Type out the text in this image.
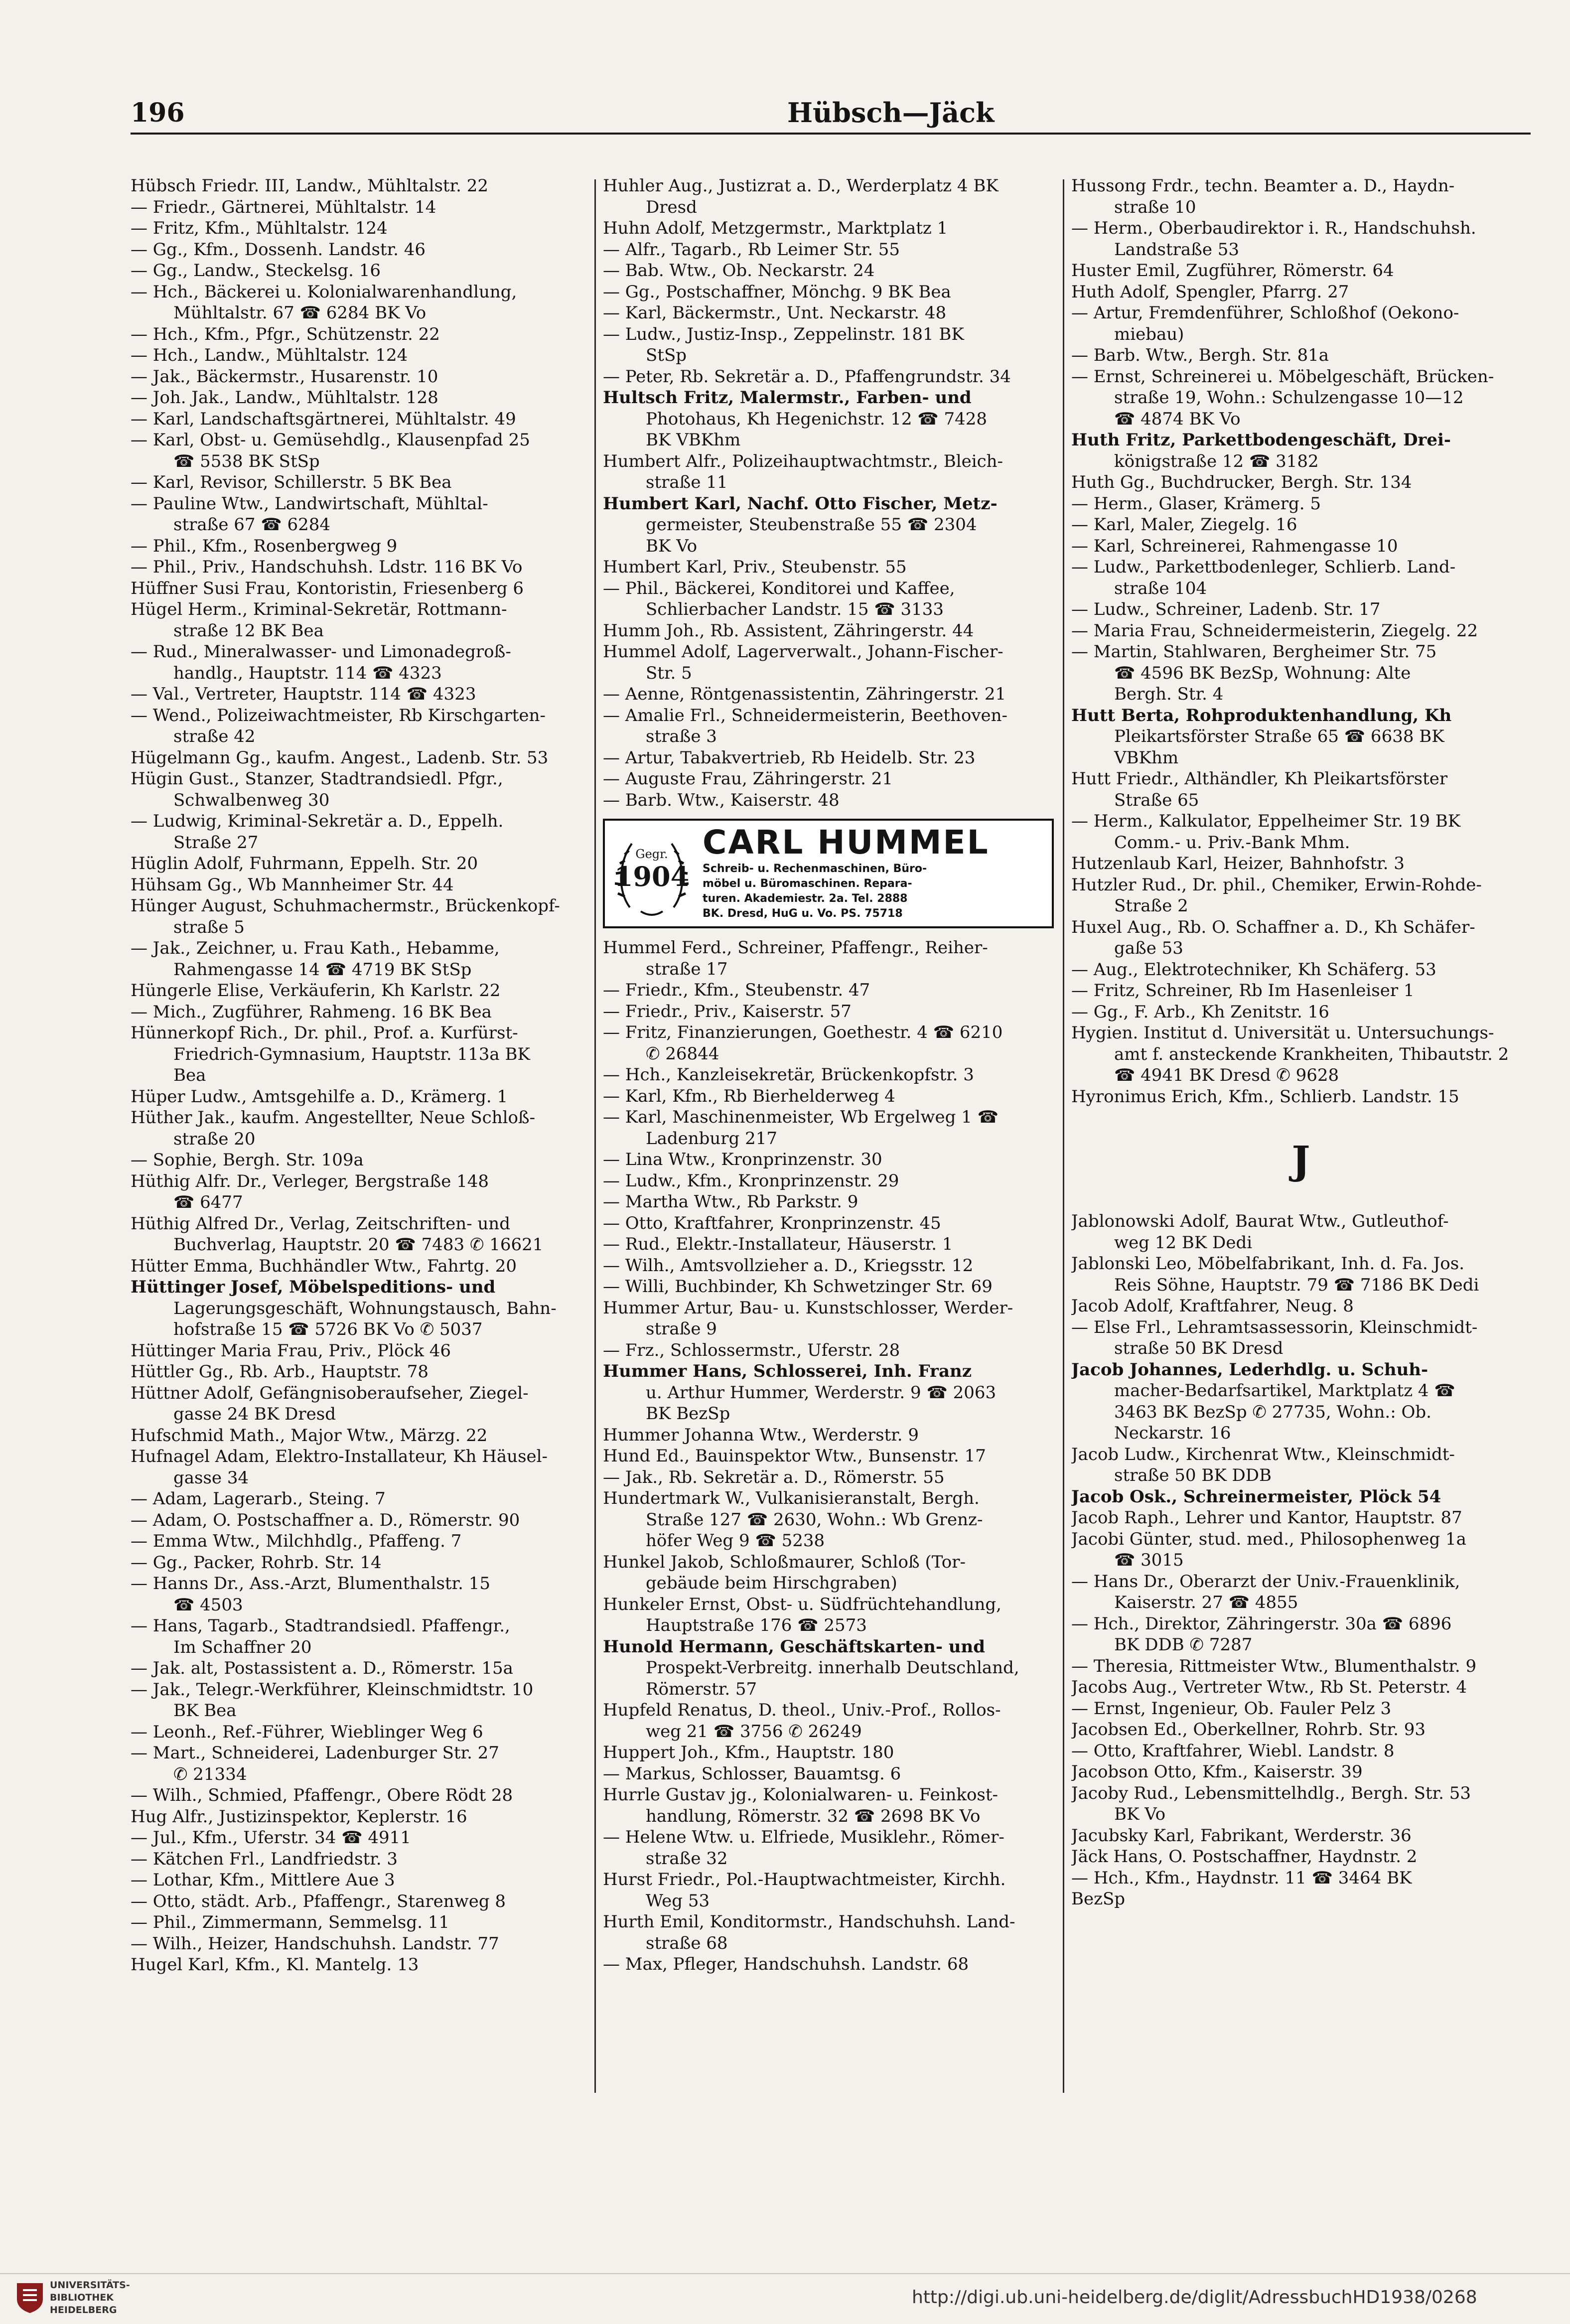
196	Hübsch—Jäck
Hübsch Friedr. III, Landw., Mühltalstr. 22
— Friedr., Gärtnerei, Mühltalstr. 14
— Fritz, Kfm., Mühltalstr. 124
— Gg., Kfm., Dossenh. Landstr. 46
— Gg., Landw., Steckelsg. 16
— Hch., Bäckerei u. Kolonialwarenhandlung,
Mühltalstr. 67 ☎ 6284 BK Vo
— Hch., Kfm., Pfgr., Schützenstr. 22
— Hch., Landw., Mühltalstr. 124
— Jak., Bäckermstr., Husarenstr. 10
— Joh. Jak., Landw., Mühltalstr. 128
— Karl, Landschaftsgärtnerei, Mühltalstr. 49
— Karl, Obst- u. Gemüsehdlg., Klausenpfad 25
☎ 5538 BK StSp
— Karl, Revisor, Schillerstr. 5 BK Bea
— Pauline Wtw., Landwirtschaft, Mühltal-
straße 67 ☎ 6284
— Phil., Kfm., Rosenbergweg 9
— Phil., Priv., Handschuhsh. Ldstr. 116 BK Vo
Hüffner Susi Frau, Kontoristin, Friesenberg 6
Hügel Herm., Kriminal-Sekretär, Rottmann-
straße 12 BK Bea
— Rud., Mineralwasser- und Limonadegroß-
handlg., Hauptstr. 114 ☎ 4323
— Val., Vertreter, Hauptstr. 114 ☎ 4323
— Wend., Polizeiwachtmeister, Rb Kirschgarten-
straße 42
Hügelmann Gg., kaufm. Angest., Ladenb. Str. 53
Hügin Gust., Stanzer, Stadtrandsiedl. Pfgr.,
Schwalbenweg 30
— Ludwig, Kriminal-Sekretär a. D., Eppelh.
Straße 27
Hüglin Adolf, Fuhrmann, Eppelh. Str. 20
Hühsam Gg., Wb Mannheimer Str. 44
Hünger August, Schuhmachermstr., Brückenkopf-
straße 5
— Jak., Zeichner, u. Frau Kath., Hebamme,
Rahmengasse 14 ☎ 4719 BK StSp
Hüngerle Elise, Verkäuferin, Kh Karlstr. 22
— Mich., Zugführer, Rahmeng. 16 BK Bea
Hünnerkopf Rich., Dr. phil., Prof. a. Kurfürst-
Friedrich-Gymnasium, Hauptstr. 113a BK
Bea
Hüper Ludw., Amtsgehilfe a. D., Krämerg. 1
Hüther Jak., kaufm. Angestellter, Neue Schloß-
straße 20
— Sophie, Bergh. Str. 109a
Hüthig Alfr. Dr., Verleger, Bergstraße 148
☎ 6477
Hüthig Alfred Dr., Verlag, Zeitschriften- und
Buchverlag, Hauptstr. 20 ☎ 7483 ✆ 16621
Hütter Emma, Buchhändler Wtw., Fahrtg. 20
Hüttinger Josef, Möbelspeditions- und
Lagerungsgeschäft, Wohnungstausch, Bahn-
hofstraße 15 ☎ 5726 BK Vo ✆ 5037
Hüttinger Maria Frau, Priv., Plöck 46
Hüttler Gg., Rb. Arb., Hauptstr. 78
Hüttner Adolf, Gefängnisoberaufseher, Ziegel-
gasse 24 BK Dresd
Hufschmid Math., Major Wtw., Märzg. 22
Hufnagel Adam, Elektro-Installateur, Kh Häusel-
gasse 34
— Adam, Lagerarb., Steing. 7
— Adam, O. Postschaffner a. D., Römerstr. 90
— Emma Wtw., Milchhdlg., Pfaffeng. 7
— Gg., Packer, Rohrb. Str. 14
— Hanns Dr., Ass.-Arzt, Blumenthalstr. 15
☎ 4503
— Hans, Tagarb., Stadtrandsiedl. Pfaffengr.,
Im Schaffner 20
— Jak. alt, Postassistent a. D., Römerstr. 15a
— Jak., Telegr.-Werkführer, Kleinschmidtstr. 10
BK Bea
— Leonh., Ref.-Führer, Wieblinger Weg 6
— Mart., Schneiderei, Ladenburger Str. 27
✆ 21334
— Wilh., Schmied, Pfaffengr., Obere Rödt 28
Hug Alfr., Justizinspektor, Keplerstr. 16
— Jul., Kfm., Uferstr. 34 ☎ 4911
— Kätchen Frl., Landfriedstr. 3
— Lothar, Kfm., Mittlere Aue 3
— Otto, städt. Arb., Pfaffengr., Starenweg 8
— Phil., Zimmermann, Semmelsg. 11
— Wilh., Heizer, Handschuhsh. Landstr. 77
Hugel Karl, Kfm., Kl. Mantelg. 13
Huhler Aug., Justizrat a. D., Werderplatz 4 BK
Dresd
Huhn Adolf, Metzgermstr., Marktplatz 1
— Alfr., Tagarb., Rb Leimer Str. 55
— Bab. Wtw., Ob. Neckarstr. 24
— Gg., Postschaffner, Mönchg. 9 BK Bea
— Karl, Bäckermstr., Unt. Neckarstr. 48
— Ludw., Justiz-Insp., Zeppelinstr. 181 BK
StSp
— Peter, Rb. Sekretär a. D., Pfaffengrundstr. 34
Hultsch Fritz, Malermstr., Farben- und
Photohaus, Kh Hegenichstr. 12 ☎ 7428
BK VBKhm
Humbert Alfr., Polizeihauptwachtmstr., Bleich-
straße 11
Humbert Karl, Nachf. Otto Fischer, Metz-
germeister, Steubenstraße 55 ☎ 2304
BK Vo
Humbert Karl, Priv., Steubenstr. 55
— Phil., Bäckerei, Konditorei und Kaffee,
Schlierbacher Landstr. 15 ☎ 3133
Humm Joh., Rb. Assistent, Zähringerstr. 44
Hummel Adolf, Lagerverwalt., Johann-Fischer-
Str. 5
— Aenne, Röntgenassistentin, Zähringerstr. 21
— Amalie Frl., Schneidermeisterin, Beethoven-
straße 3
— Artur, Tabakvertrieb, Rb Heidelb. Str. 23
— Auguste Frau, Zähringerstr. 21
— Barb. Wtw., Kaiserstr. 48
Gegr.
1904
CARL HUMMEL
Schreib- u. Rechenmaschinen, Büro-
möbel u. Büromaschinen. Repara-
turen. Akademiestr. 2a. Tel. 2888
BK. Dresd, HuG u. Vo. PS. 75718
Hummel Ferd., Schreiner, Pfaffengr., Reiher-
straße 17
— Friedr., Kfm., Steubenstr. 47
— Friedr., Priv., Kaiserstr. 57
— Fritz, Finanzierungen, Goethestr. 4 ☎ 6210
✆ 26844
— Hch., Kanzleisekretär, Brückenkopfstr. 3
— Karl, Kfm., Rb Bierhelderweg 4
— Karl, Maschinenmeister, Wb Ergelweg 1 ☎
Ladenburg 217
— Lina Wtw., Kronprinzenstr. 30
— Ludw., Kfm., Kronprinzenstr. 29
— Martha Wtw., Rb Parkstr. 9
— Otto, Kraftfahrer, Kronprinzenstr. 45
— Rud., Elektr.-Installateur, Häuserstr. 1
— Wilh., Amtsvollzieher a. D., Kriegsstr. 12
— Willi, Buchbinder, Kh Schwetzinger Str. 69
Hummer Artur, Bau- u. Kunstschlosser, Werder-
straße 9
— Frz., Schlossermstr., Uferstr. 28
Hummer Hans, Schlosserei, Inh. Franz
u. Arthur Hummer, Werderstr. 9 ☎ 2063
BK BezSp
Hummer Johanna Wtw., Werderstr. 9
Hund Ed., Bauinspektor Wtw., Bunsenstr. 17
— Jak., Rb. Sekretär a. D., Römerstr. 55
Hundertmark W., Vulkanisieranstalt, Bergh.
Straße 127 ☎ 2630, Wohn.: Wb Grenz-
höfer Weg 9 ☎ 5238
Hunkel Jakob, Schloßmaurer, Schloß (Tor-
gebäude beim Hirschgraben)
Hunkeler Ernst, Obst- u. Südfrüchtehandlung,
Hauptstraße 176 ☎ 2573
Hunold Hermann, Geschäftskarten- und
Prospekt-Verbreitg. innerhalb Deutschland,
Römerstr. 57
Hupfeld Renatus, D. theol., Univ.-Prof., Rollos-
weg 21 ☎ 3756 ✆ 26249
Huppert Joh., Kfm., Hauptstr. 180
— Markus, Schlosser, Bauamtsg. 6
Hurrle Gustav jg., Kolonialwaren- u. Feinkost-
handlung, Römerstr. 32 ☎ 2698 BK Vo
— Helene Wtw. u. Elfriede, Musiklehr., Römer-
straße 32
Hurst Friedr., Pol.-Hauptwachtmeister, Kirchh.
Weg 53
Hurth Emil, Konditormstr., Handschuhsh. Land-
straße 68
— Max, Pfleger, Handschuhsh. Landstr. 68
Hussong Frdr., techn. Beamter a. D., Haydn-
straße 10
— Herm., Oberbaudirektor i. R., Handschuhsh.
Landstraße 53
Huster Emil, Zugführer, Römerstr. 64
Huth Adolf, Spengler, Pfarrg. 27
— Artur, Fremdenführer, Schloßhof (Oekono-
miebau)
— Barb. Wtw., Bergh. Str. 81a
— Ernst, Schreinerei u. Möbelgeschäft, Brücken-
straße 19, Wohn.: Schulzengasse 10—12
☎ 4874 BK Vo
Huth Fritz, Parkettbodengeschäft, Drei-
königstraße 12 ☎ 3182
Huth Gg., Buchdrucker, Bergh. Str. 134
— Herm., Glaser, Krämerg. 5
— Karl, Maler, Ziegelg. 16
— Karl, Schreinerei, Rahmengasse 10
— Ludw., Parkettbodenleger, Schlierb. Land-
straße 104
— Ludw., Schreiner, Ladenb. Str. 17
— Maria Frau, Schneidermeisterin, Ziegelg. 22
— Martin, Stahlwaren, Bergheimer Str. 75
☎ 4596 BK BezSp, Wohnung: Alte
Bergh. Str. 4
Hutt Berta, Rohproduktenhandlung, Kh
Pleikartsförster Straße 65 ☎ 6638 BK
VBKhm
Hutt Friedr., Althändler, Kh Pleikartsförster
Straße 65
— Herm., Kalkulator, Eppelheimer Str. 19 BK
Comm.- u. Priv.-Bank Mhm.
Hutzenlaub Karl, Heizer, Bahnhofstr. 3
Hutzler Rud., Dr. phil., Chemiker, Erwin-Rohde-
Straße 2
Huxel Aug., Rb. O. Schaffner a. D., Kh Schäfer-
gaße 53
— Aug., Elektrotechniker, Kh Schäferg. 53
— Fritz, Schreiner, Rb Im Hasenleiser 1
— Gg., F. Arb., Kh Zenitstr. 16
Hygien. Institut d. Universität u. Untersuchungs-
amt f. ansteckende Krankheiten, Thibautstr. 2
☎ 4941 BK Dresd ✆ 9628
Hyronimus Erich, Kfm., Schlierb. Landstr. 15
J
Jablonowski Adolf, Baurat Wtw., Gutleuthof-
weg 12 BK Dedi
Jablonski Leo, Möbelfabrikant, Inh. d. Fa. Jos.
Reis Söhne, Hauptstr. 79 ☎ 7186 BK Dedi
Jacob Adolf, Kraftfahrer, Neug. 8
— Else Frl., Lehramtsassessorin, Kleinschmidt-
straße 50 BK Dresd
Jacob Johannes, Lederhdlg. u. Schuh-
macher-Bedarfsartikel, Marktplatz 4 ☎
3463 BK BezSp ✆ 27735, Wohn.: Ob.
Neckarstr. 16
Jacob Ludw., Kirchenrat Wtw., Kleinschmidt-
straße 50 BK DDB
Jacob Osk., Schreinermeister, Plöck 54
Jacob Raph., Lehrer und Kantor, Hauptstr. 87
Jacobi Günter, stud. med., Philosophenweg 1a
☎ 3015
— Hans Dr., Oberarzt der Univ.-Frauenklinik,
Kaiserstr. 27 ☎ 4855
— Hch., Direktor, Zähringerstr. 30a ☎ 6896
BK DDB ✆ 7287
— Theresia, Rittmeister Wtw., Blumenthalstr. 9
Jacobs Aug., Vertreter Wtw., Rb St. Peterstr. 4
— Ernst, Ingenieur, Ob. Fauler Pelz 3
Jacobsen Ed., Oberkellner, Rohrb. Str. 93
— Otto, Kraftfahrer, Wiebl. Landstr. 8
Jacobson Otto, Kfm., Kaiserstr. 39
Jacoby Rud., Lebensmittelhdlg., Bergh. Str. 53
BK Vo
Jacubsky Karl, Fabrikant, Werderstr. 36
Jäck Hans, O. Postschaffner, Haydnstr. 2
— Hch., Kfm., Haydnstr. 11 ☎ 3464 BK
BezSp
UNIVERSITÄTS-
BIBLIOTHEK
HEIDELBERG
http://digi.ub.uni-heidelberg.de/diglit/AdressbuchHD1938/0268
